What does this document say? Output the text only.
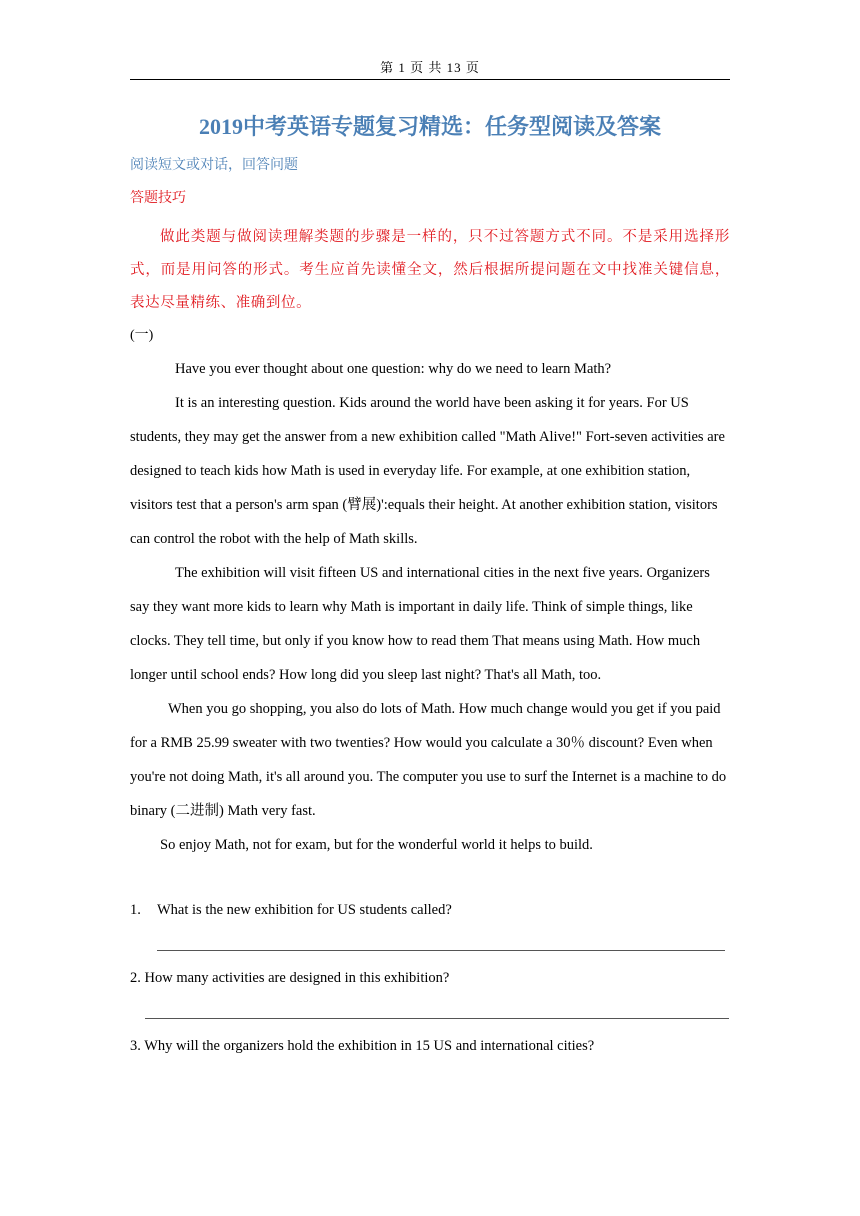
第 1 页 共 13 页
2019中考英语专题复习精选：任务型阅读及答案
阅读短文或对话，回答问题
答题技巧

做此类题与做阅读理解类题的步骤是一样的，只不过答题方式不同。不是采用选择形式，而是用问答的形式。考生应首先读懂全文，然后根据所提问题在文中找准关键信息，表达尽量精练、准确到位。

(一)

Have you ever thought about one question: why do we need to learn Math?

It is an interesting question. Kids around the world have been asking it for years. For US students, they may get the answer from a new exhibition called "Math Alive!" Fort-seven activities are designed to teach kids how Math is used in everyday life. For example, at one exhibition station, visitors test that a person's arm span (臂展)':equals their height. At another exhibition station, visitors can control the robot with the help of Math skills.

The exhibition will visit fifteen US and international cities in the next five years. Organizers say they want more kids to learn why Math is important in daily life. Think of simple things, like clocks. They tell time, but only if you know how to read them That means using Math. How much longer until school ends? How long did you sleep last night? That's all Math, too.

When you go shopping, you also do lots of Math. How much change would you get if you paid for a RMB 25.99 sweater with two twenties? How would you calculate a 30％ discount? Even when you're not doing Math, it's all around you. The computer you use to surf the Internet is a machine to do binary (二进制) Math very fast.

So enjoy Math, not for exam, but for the wonderful world it helps to build.

1. What is the new exhibition for US students called?
2. How many activities are designed in this exhibition?
3. Why will the organizers hold the exhibition in 15 US and international cities?
